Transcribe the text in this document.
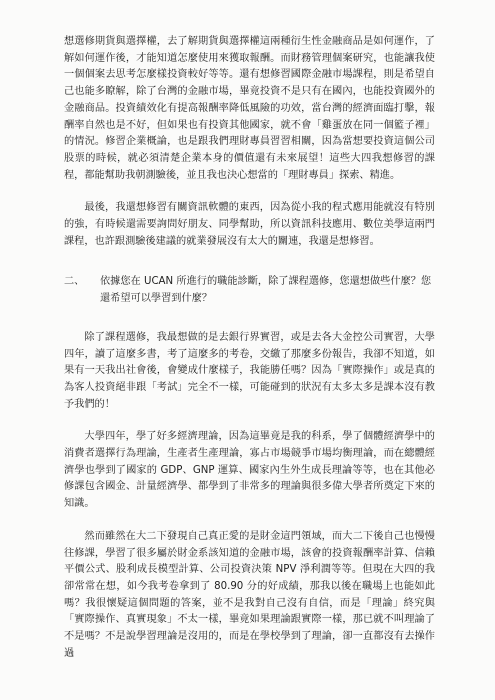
想選修期貨與選擇權，去了解期貨與選擇權這兩種衍生性金融商品是如何運作，了解如何運作後，才能知道怎麼使用來獲取報酬。而財務管理個案研究，也能讓我使一個個案去思考怎麼樣投資較好等等。還有想修習國際金融市場課程，則是希望自己也能多瞭解，除了台灣的金融市場，畢竟投資不是只有在國內，也能投資國外的金融商品。投資績效化有提高報酬率降低風險的功效，當台灣的經濟面臨打擊，報酬率自然也是不好，但如果也有投資其他國家，就不會「雞蛋放在同一個籃子裡」的情況。修習企業概論，也是跟我們理財專員習習相關，因為當想要投資這個公司股票的時候，就必須清楚企業本身的價值還有未來展望！這些大四我想修習的課程，都能幫助我朝測驗後，並且我也決心想當的「理財專員」探索、精進。

最後，我還想修習有關資訊軟體的東西，因為從小我的程式應用能就沒有特別的強，有時候還需要詢問好朋友、同學幫助，所以資訊科技應用、數位美學這兩門課程，也許跟測驗後建議的就業發展沒有太大的關連，我還是想修習。

二、	依據您在 UCAN 所進行的職能診斷，除了課程選修，您還想做些什麼？您還希望可以學習到什麼？

除了課程選修，我最想做的是去銀行界實習，或是去各大金控公司實習，大學四年，讀了這麼多書，考了這麼多的考卷，交繳了那麼多份報告，我卻不知道，如果有一天我出社會後，會變成什麼樣子，我能勝任嗎？因為「實際操作」或是真的為客人投資絕非跟「考試」完全不一樣，可能碰到的狀況有太多太多是課本沒有教予我們的！

大學四年，學了好多經濟理論，因為這畢竟是我的科系，學了個體經濟學中的消費者選擇行為理論，生產者生產理論，寡占市場競爭市場均衡理論，而在總體經濟學也學到了國家的 GDP、GNP 運算、國家內生外生成長理論等等，也在其他必修課包含國金、計量經濟學、都學到了非常多的理論與很多偉大學者所奠定下來的知識。

然而雖然在大二下發現自己真正愛的是財金這門領域，而大二下後自己也慢慢往修課，學習了很多屬於財金系該知道的金融市場，該會的投資報酬率計算、信賴平價公式、股利成長模型計算、公司投資決策 NPV 淨利潤等等。但現在大四的我卻常常在想，如今我考卷拿到了 80.90 分的好成績，那我以後在職場上也能如此嗎？我很懷疑這個問題的答案，並不是我對自己沒有自信，而是「理論」終究與「實際操作、真實現象」不太一樣，畢竟如果理論跟實際一樣，那已就不叫理論了不是嗎？不是說學習理論是沒用的，而是在學校學到了理論，卻一直都沒有去操作過
